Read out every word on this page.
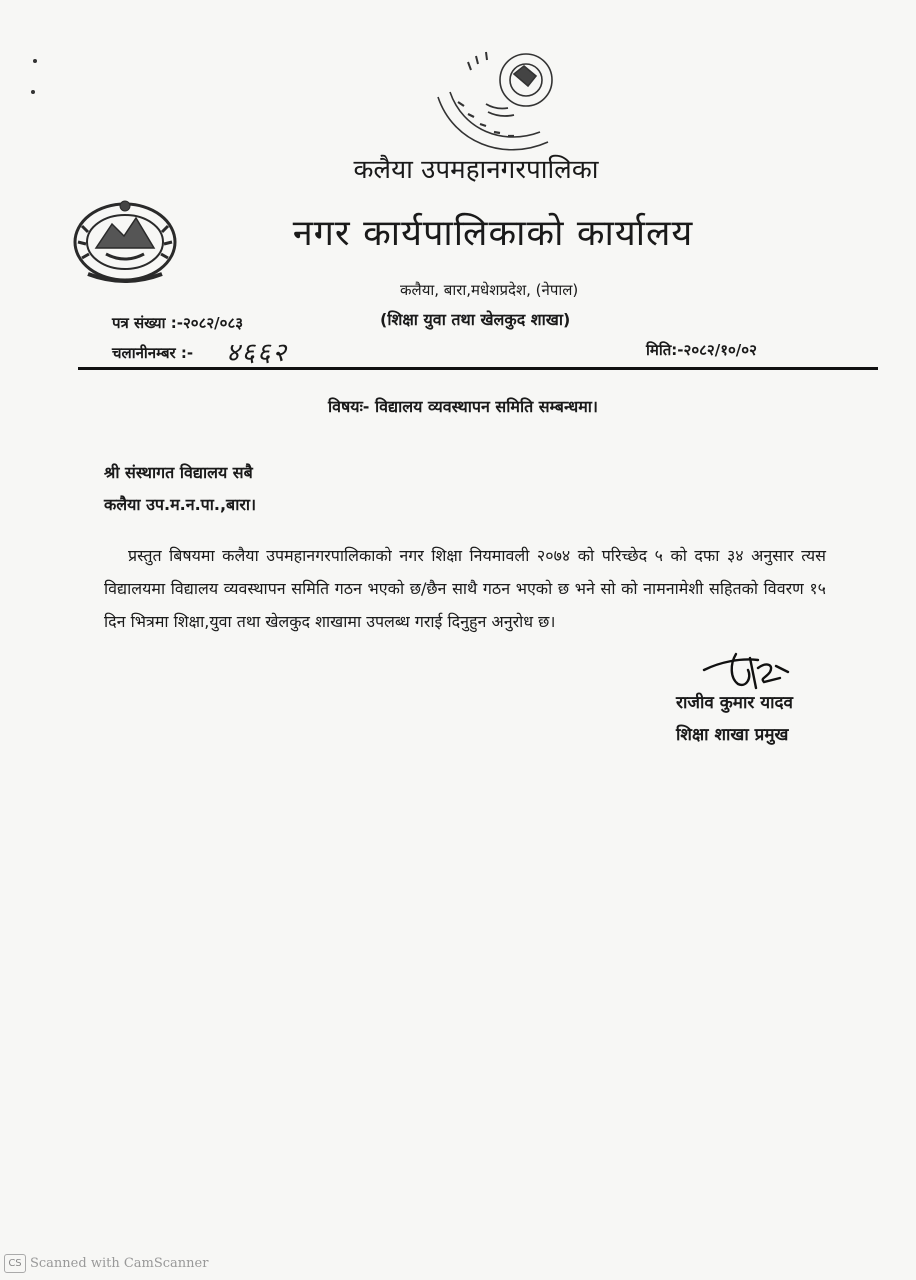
कलैया उपमहानगरपालिका
नगर कार्यपालिकाको कार्यालय
कलैया, बारा,मधेशप्रदेश, (नेपाल)
(शिक्षा युवा तथा खेलकुद शाखा)
पत्र संख्या :-२०८२/०८३
चलानीनम्बर :- ४६६२	मिति:-२०८२/१०/०२
विषयः- विद्यालय व्यवस्थापन समिति सम्बन्धमा।
श्री संस्थागत विद्यालय सबै
कलैया उप.म.न.पा.,बारा।
प्रस्तुत बिषयमा कलैया उपमहानगरपालिकाको नगर शिक्षा नियमावली २०७४ को परिच्छेद ५ को दफा ३४ अनुसार त्यस विद्यालयमा विद्यालय व्यवस्थापन समिति गठन भएको छ/छैन साथै गठन भएको छ भने सो को नामनामेशी सहितको विवरण १५ दिन भित्रमा शिक्षा,युवा तथा खेलकुद शाखामा उपलब्ध गराई दिनुहुन अनुरोध छ।
राजीव कुमार यादव
शिक्षा शाखा प्रमुख
CS Scanned with CamScanner
